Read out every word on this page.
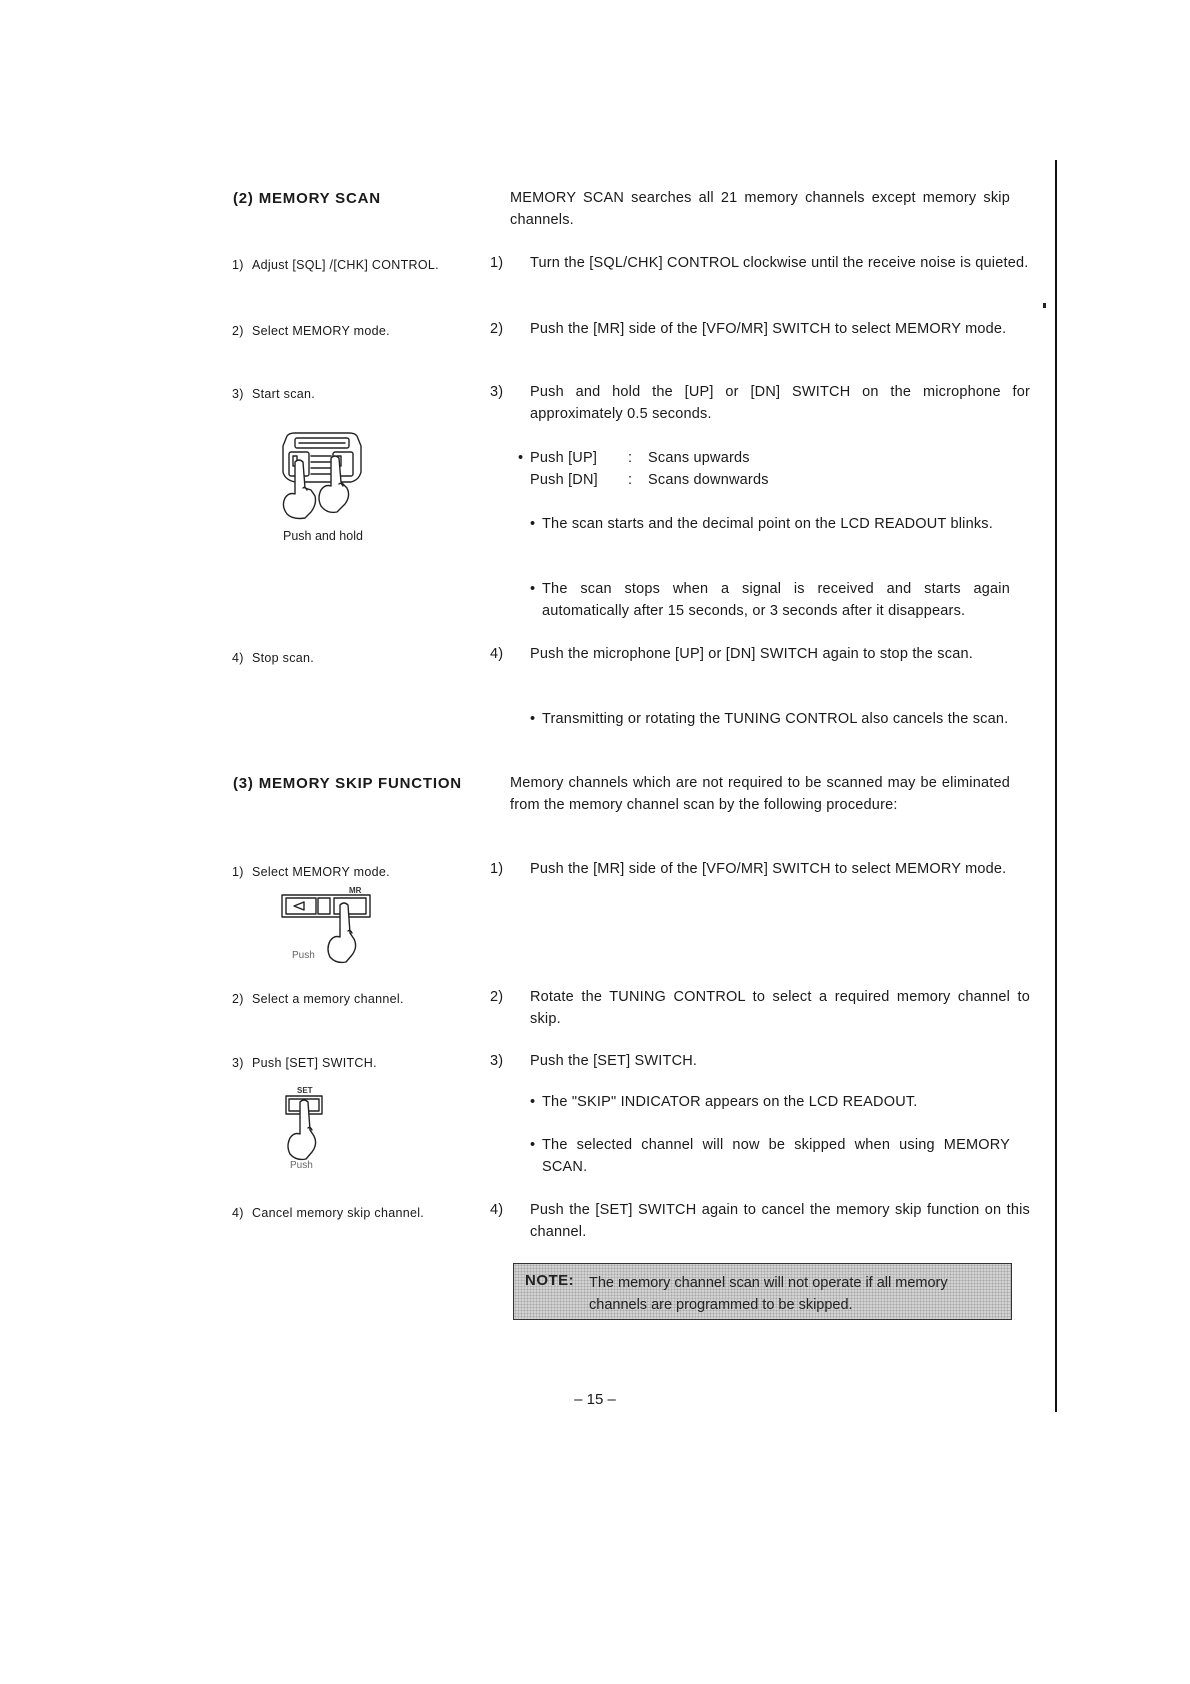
(2) MEMORY SCAN	MEMORY SCAN searches all 21 memory channels except memory skip channels.
1) Adjust [SQL] /[CHK] CONTROL.	1) Turn the [SQL/CHK] CONTROL clockwise until the receive noise is quieted.
2) Select MEMORY mode.	2) Push the [MR] side of the [VFO/MR] SWITCH to select MEMORY mode.
3) Start scan.	3) Push and hold the [UP] or [DN] SWITCH on the microphone for approximately 0.5 seconds.
• Push [UP] : Scans upwards
Push [DN] : Scans downwards
Push and hold
• The scan starts and the decimal point on the LCD READOUT blinks.
• The scan stops when a signal is received and starts again automatically after 15 seconds, or 3 seconds after it disappears.
4) Stop scan.	4) Push the microphone [UP] or [DN] SWITCH again to stop the scan.
• Transmitting or rotating the TUNING CONTROL also cancels the scan.
(3) MEMORY SKIP FUNCTION	Memory channels which are not required to be scanned may be eliminated from the memory channel scan by the following procedure:
1) Select MEMORY mode.	1) Push the [MR] side of the [VFO/MR] SWITCH to select MEMORY mode.
MR
Push
2) Select a memory channel.	2) Rotate the TUNING CONTROL to select a required memory channel to skip.
3) Push [SET] SWITCH.	3) Push the [SET] SWITCH.
SET
Push
• The "SKIP" INDICATOR appears on the LCD READOUT.
• The selected channel will now be skipped when using MEMORY SCAN.
4) Cancel memory skip channel.	4) Push the [SET] SWITCH again to cancel the memory skip function on this channel.
NOTE: The memory channel scan will not operate if all memory channels are programmed to be skipped.
– 15 –
